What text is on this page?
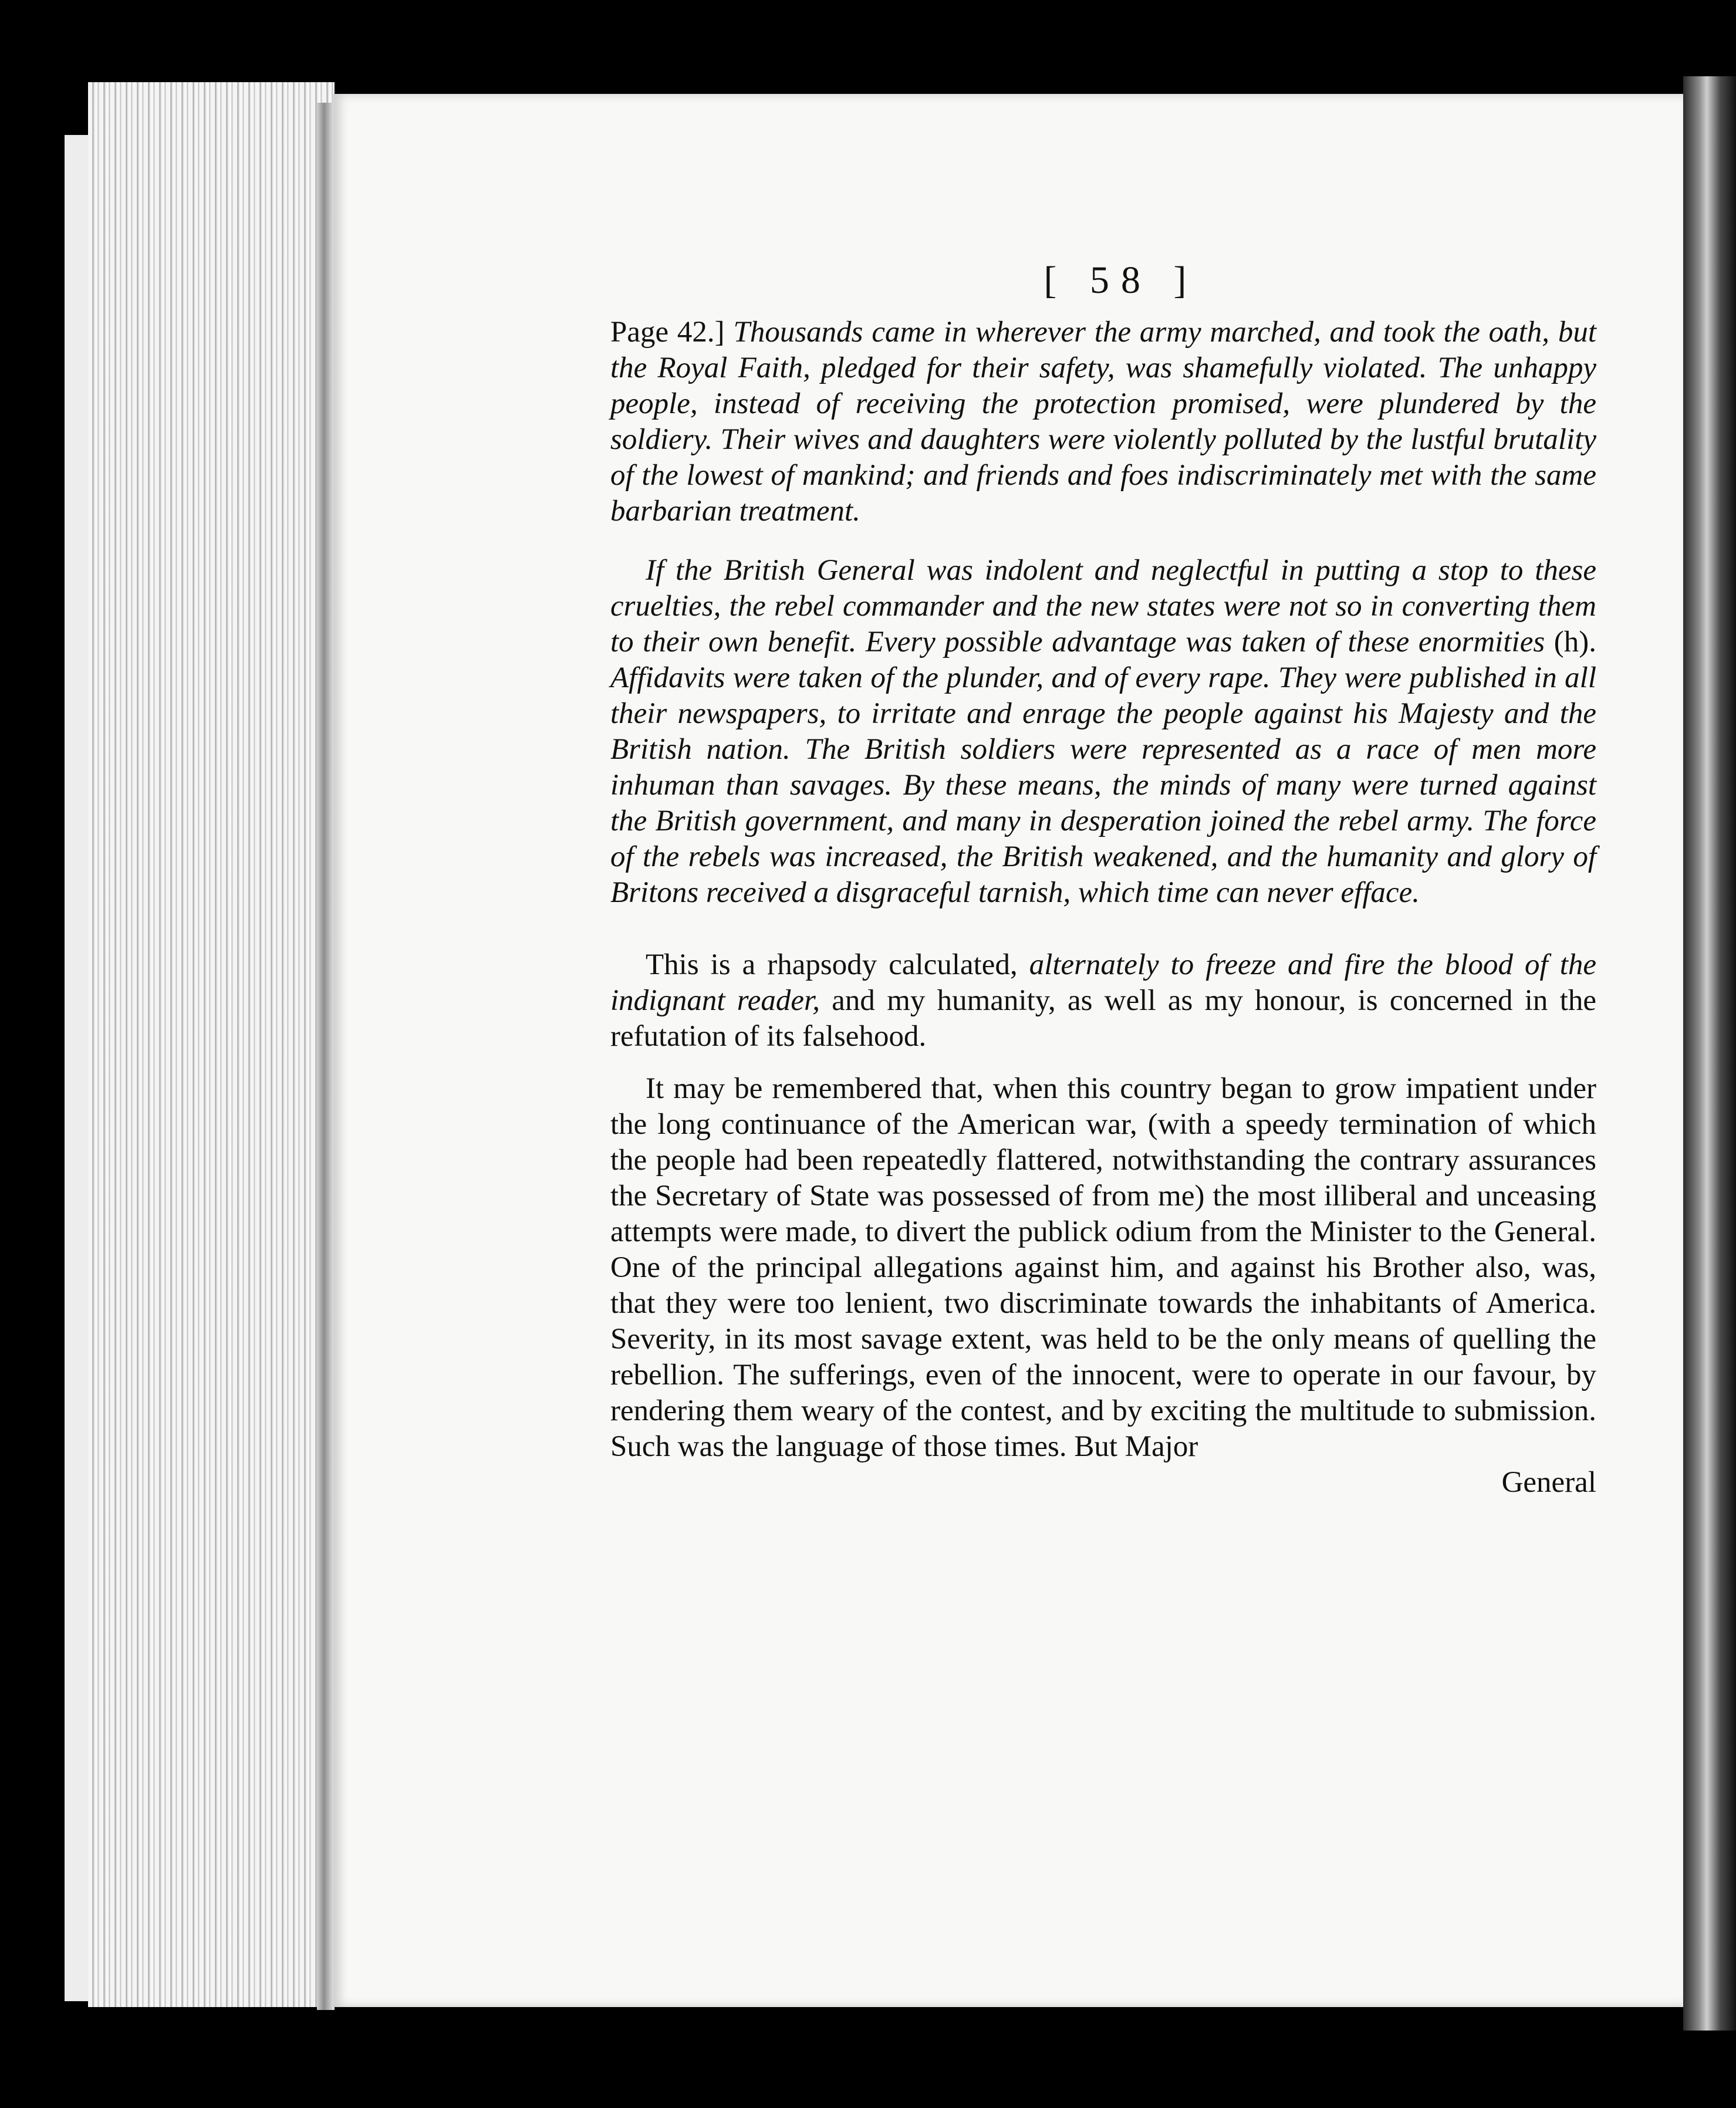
[ 58 ]

Page 42.] Thousands came in wherever the army marched, and took the oath, but the Royal Faith, pledged for their safety, was shamefully violated. The unhappy people, instead of receiving the protection promised, were plundered by the soldiery. Their wives and daughters were violently polluted by the lustful brutality of the lowest of mankind; and friends and foes indiscriminately met with the same barbarian treatment.

If the British General was indolent and neglectful in putting a stop to these cruelties, the rebel commander and the new states were not so in converting them to their own benefit. Every possible advantage was taken of these enormities (h). Affidavits were taken of the plunder, and of every rape. They were published in all their newspapers, to irritate and enrage the people against his Majesty and the British nation. The British soldiers were represented as a race of men more inhuman than savages. By these means, the minds of many were turned against the British government, and many in desperation joined the rebel army. The force of the rebels was increased, the British weakened, and the humanity and glory of Britons received a disgraceful tarnish, which time can never efface.

This is a rhapsody calculated, alternately to freeze and fire the blood of the indignant reader, and my humanity, as well as my honour, is concerned in the refutation of its falsehood.

It may be remembered that, when this country began to grow impatient under the long continuance of the American war, (with a speedy termination of which the people had been repeatedly flattered, notwithstanding the contrary assurances the Secretary of State was possessed of from me) the most illiberal and unceasing attempts were made, to divert the publick odium from the Minister to the General. One of the principal allegations against him, and against his Brother also, was, that they were too lenient, two discriminate towards the inhabitants of America. Severity, in its most savage extent, was held to be the only means of quelling the rebellion. The sufferings, even of the innocent, were to operate in our favour, by rendering them weary of the contest, and by exciting the multitude to submission. Such was the language of those times. But Major

General
